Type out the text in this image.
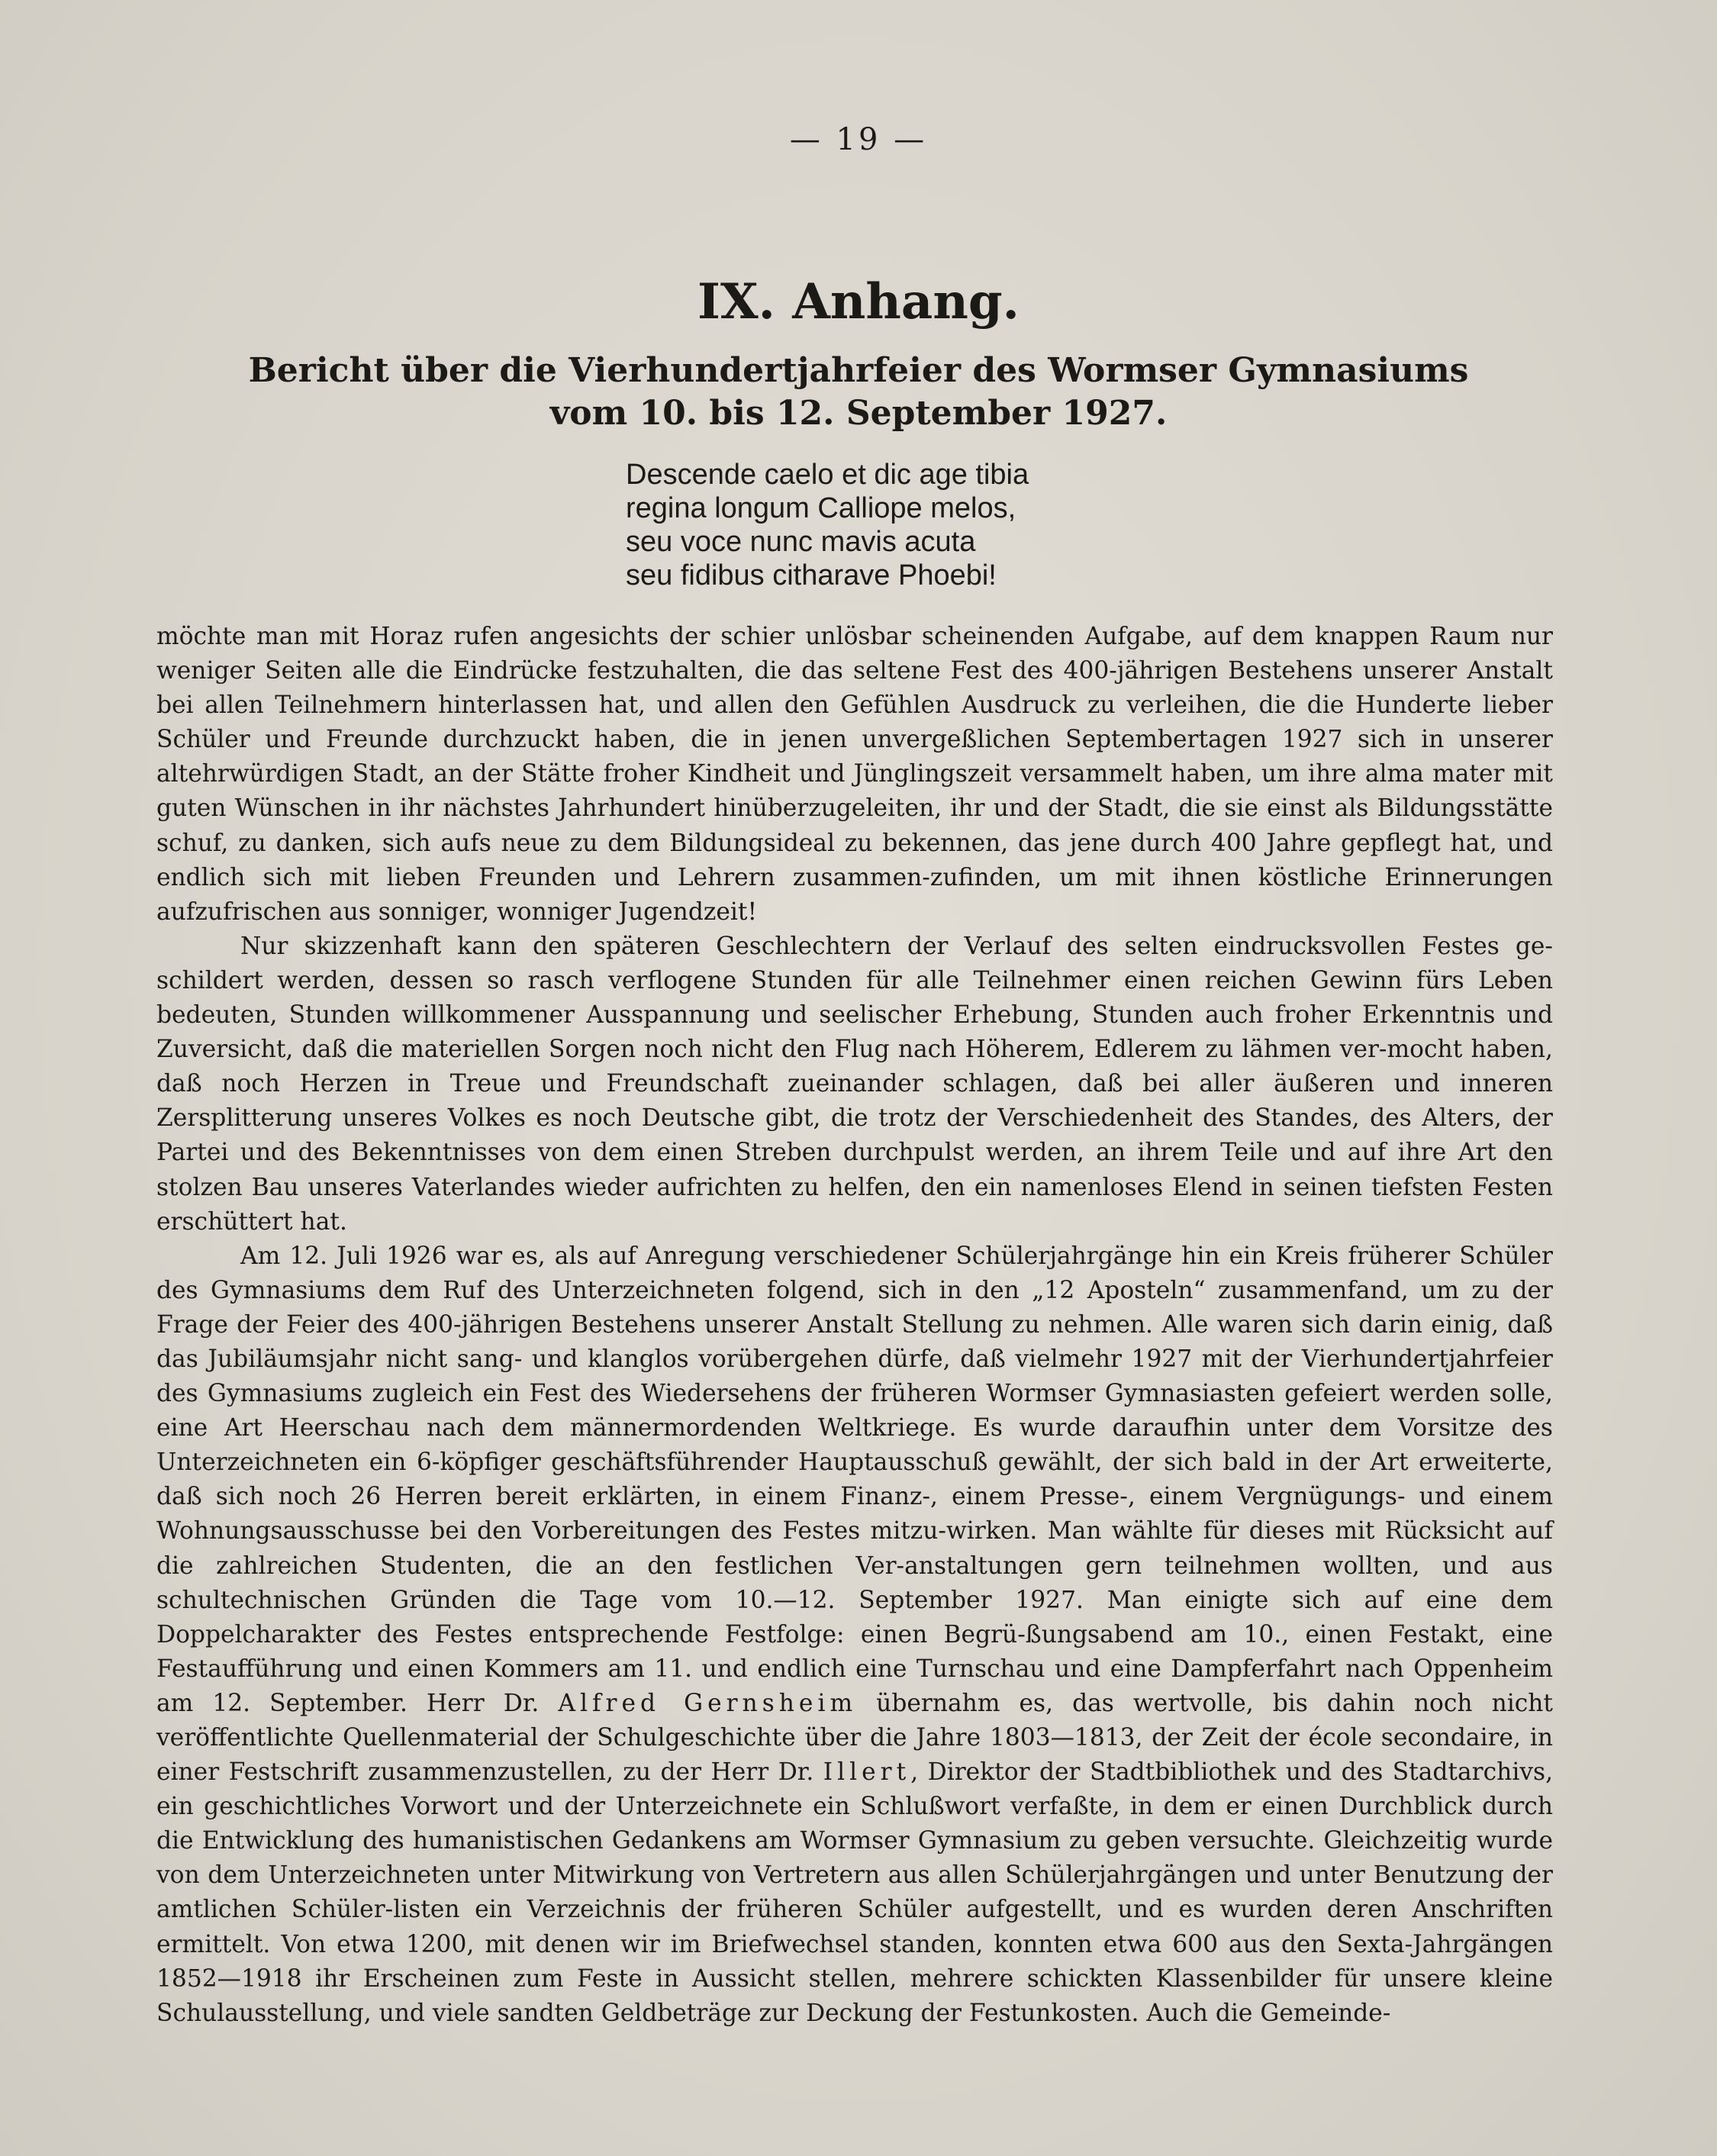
— 19 —
IX. Anhang.
Bericht über die Vierhundertjahrfeier des Wormser Gymnasiums
vom 10. bis 12. September 1927.
Descende caelo et dic age tibia
regina longum Calliope melos,
seu voce nunc mavis acuta
seu fidibus citharave Phoebi!

möchte man mit Horaz rufen angesichts der schier unlösbar scheinenden Aufgabe, auf dem knappen Raum nur weniger Seiten alle die Eindrücke festzuhalten, die das seltene Fest des 400-jährigen Bestehens unserer Anstalt bei allen Teilnehmern hinterlassen hat, und allen den Gefühlen Ausdruck zu verleihen, die die Hunderte lieber Schüler und Freunde durchzuckt haben, die in jenen unvergeßlichen Septembertagen 1927 sich in unserer altehrwürdigen Stadt, an der Stätte froher Kindheit und Jünglingszeit versammelt haben, um ihre alma mater mit guten Wünschen in ihr nächstes Jahrhundert hinüberzugeleiten, ihr und der Stadt, die sie einst als Bildungsstätte schuf, zu danken, sich aufs neue zu dem Bildungsideal zu bekennen, das jene durch 400 Jahre gepflegt hat, und endlich sich mit lieben Freunden und Lehrern zusammen-zufinden, um mit ihnen köstliche Erinnerungen aufzufrischen aus sonniger, wonniger Jugendzeit!

Nur skizzenhaft kann den späteren Geschlechtern der Verlauf des selten eindrucksvollen Festes ge-schildert werden, dessen so rasch verflogene Stunden für alle Teilnehmer einen reichen Gewinn fürs Leben bedeuten, Stunden willkommener Ausspannung und seelischer Erhebung, Stunden auch froher Erkenntnis und Zuversicht, daß die materiellen Sorgen noch nicht den Flug nach Höherem, Edlerem zu lähmen ver-mocht haben, daß noch Herzen in Treue und Freundschaft zueinander schlagen, daß bei aller äußeren und inneren Zersplitterung unseres Volkes es noch Deutsche gibt, die trotz der Verschiedenheit des Standes, des Alters, der Partei und des Bekenntnisses von dem einen Streben durchpulst werden, an ihrem Teile und auf ihre Art den stolzen Bau unseres Vaterlandes wieder aufrichten zu helfen, den ein namenloses Elend in seinen tiefsten Festen erschüttert hat.

Am 12. Juli 1926 war es, als auf Anregung verschiedener Schülerjahrgänge hin ein Kreis früherer Schüler des Gymnasiums dem Ruf des Unterzeichneten folgend, sich in den „12 Aposteln“ zusammenfand, um zu der Frage der Feier des 400-jährigen Bestehens unserer Anstalt Stellung zu nehmen. Alle waren sich darin einig, daß das Jubiläumsjahr nicht sang- und klanglos vorübergehen dürfe, daß vielmehr 1927 mit der Vierhundertjahrfeier des Gymnasiums zugleich ein Fest des Wiedersehens der früheren Wormser Gymnasiasten gefeiert werden solle, eine Art Heerschau nach dem männermordenden Weltkriege. Es wurde daraufhin unter dem Vorsitze des Unterzeichneten ein 6-köpfiger geschäftsführender Hauptausschuß gewählt, der sich bald in der Art erweiterte, daß sich noch 26 Herren bereit erklärten, in einem Finanz-, einem Presse-, einem Vergnügungs- und einem Wohnungsausschusse bei den Vorbereitungen des Festes mitzu-wirken. Man wählte für dieses mit Rücksicht auf die zahlreichen Studenten, die an den festlichen Ver-anstaltungen gern teilnehmen wollten, und aus schultechnischen Gründen die Tage vom 10.—12. September 1927. Man einigte sich auf eine dem Doppelcharakter des Festes entsprechende Festfolge: einen Begrü-ßungsabend am 10., einen Festakt, eine Festaufführung und einen Kommers am 11. und endlich eine Turnschau und eine Dampferfahrt nach Oppenheim am 12. September. Herr Dr. Alfred Gernsheim übernahm es, das wertvolle, bis dahin noch nicht veröffentlichte Quellenmaterial der Schulgeschichte über die Jahre 1803—1813, der Zeit der école secondaire, in einer Festschrift zusammenzustellen, zu der Herr Dr. Illert, Direktor der Stadtbibliothek und des Stadtarchivs, ein geschichtliches Vorwort und der Unterzeichnete ein Schlußwort verfaßte, in dem er einen Durchblick durch die Entwicklung des humanistischen Gedankens am Wormser Gymnasium zu geben versuchte. Gleichzeitig wurde von dem Unterzeichneten unter Mitwirkung von Vertretern aus allen Schülerjahrgängen und unter Benutzung der amtlichen Schüler-listen ein Verzeichnis der früheren Schüler aufgestellt, und es wurden deren Anschriften ermittelt. Von etwa 1200, mit denen wir im Briefwechsel standen, konnten etwa 600 aus den Sexta-Jahrgängen 1852—1918 ihr Erscheinen zum Feste in Aussicht stellen, mehrere schickten Klassenbilder für unsere kleine Schulausstellung, und viele sandten Geldbeträge zur Deckung der Festunkosten. Auch die Gemeinde-
